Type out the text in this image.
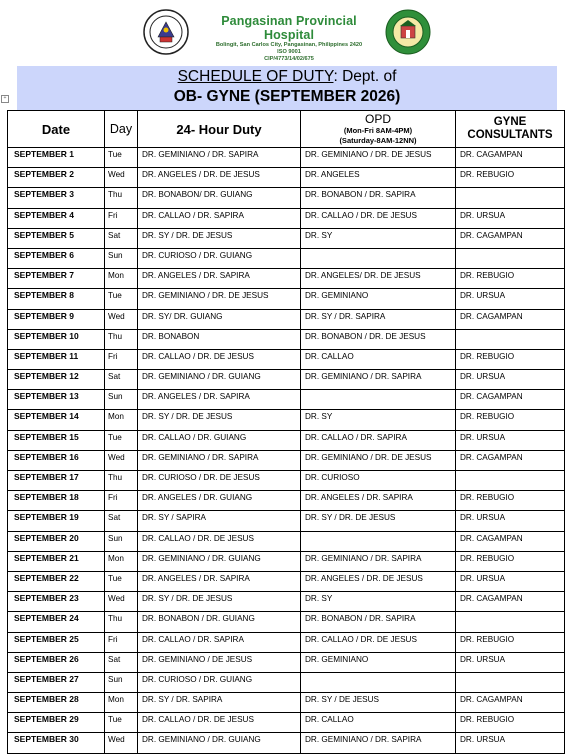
Pangasinan Provincial Hospital
Bolingit, San Carlos City, Pangasinan, Philippines 2420
ISO 9001
CIP/4773/14/02/675
SCHEDULE OF DUTY: Dept. of
OB- GYNE (SEPTEMBER 2026)
+
Date	Day	24- Hour Duty	OPD
(Mon-Fri 8AM-4PM)
(Saturday-8AM-12NN)	GYNE
CONSULTANTS
SEPTEMBER 1	Tue	DR. GEMINIANO / DR. SAPIRA	DR. GEMINIANO / DR. DE JESUS	DR. CAGAMPAN
SEPTEMBER 2	Wed	DR. ANGELES / DR. DE JESUS	DR. ANGELES	DR. REBUGIO
SEPTEMBER 3	Thu	DR. BONABON/ DR. GUIANG	DR. BONABON / DR. SAPIRA	
SEPTEMBER 4	Fri	DR. CALLAO / DR. SAPIRA	DR. CALLAO / DR. DE JESUS	DR. URSUA
SEPTEMBER 5	Sat	DR. SY / DR. DE JESUS	DR. SY	DR. CAGAMPAN
SEPTEMBER 6	Sun	DR. CURIOSO / DR. GUIANG		
SEPTEMBER 7	Mon	DR. ANGELES / DR. SAPIRA	DR. ANGELES/ DR. DE JESUS	DR. REBUGIO
SEPTEMBER 8	Tue	DR. GEMINIANO / DR. DE JESUS	DR. GEMINIANO	DR. URSUA
SEPTEMBER 9	Wed	DR. SY/ DR. GUIANG	DR. SY / DR. SAPIRA	DR. CAGAMPAN
SEPTEMBER 10	Thu	DR. BONABON	DR. BONABON / DR. DE JESUS	
SEPTEMBER 11	Fri	DR. CALLAO / DR. DE JESUS	DR. CALLAO	DR. REBUGIO
SEPTEMBER 12	Sat	DR. GEMINIANO / DR. GUIANG	DR. GEMINIANO / DR. SAPIRA	DR. URSUA
SEPTEMBER 13	Sun	DR. ANGELES / DR. SAPIRA		DR. CAGAMPAN
SEPTEMBER 14	Mon	DR. SY / DR. DE JESUS	DR. SY	DR. REBUGIO
SEPTEMBER 15	Tue	DR. CALLAO / DR. GUIANG	DR. CALLAO / DR. SAPIRA	DR. URSUA
SEPTEMBER 16	Wed	DR. GEMINIANO / DR. SAPIRA	DR. GEMINIANO / DR. DE JESUS	DR. CAGAMPAN
SEPTEMBER 17	Thu	DR. CURIOSO / DR. DE JESUS	DR. CURIOSO	
SEPTEMBER 18	Fri	DR. ANGELES / DR. GUIANG	DR. ANGELES / DR. SAPIRA	DR. REBUGIO
SEPTEMBER 19	Sat	DR. SY / SAPIRA	DR. SY / DR. DE JESUS	DR. URSUA
SEPTEMBER 20	Sun	DR. CALLAO / DR. DE JESUS		DR. CAGAMPAN
SEPTEMBER 21	Mon	DR. GEMINIANO / DR. GUIANG	DR. GEMINIANO / DR. SAPIRA	DR. REBUGIO
SEPTEMBER 22	Tue	DR. ANGELES / DR. SAPIRA	DR. ANGELES / DR. DE JESUS	DR. URSUA
SEPTEMBER 23	Wed	DR. SY / DR. DE JESUS	DR. SY	DR. CAGAMPAN
SEPTEMBER 24	Thu	DR. BONABON / DR. GUIANG	DR. BONABON / DR. SAPIRA	
SEPTEMBER 25	Fri	DR. CALLAO / DR. SAPIRA	DR. CALLAO / DR. DE JESUS	DR. REBUGIO
SEPTEMBER 26	Sat	DR. GEMINIANO / DE JESUS	DR. GEMINIANO	DR. URSUA
SEPTEMBER 27	Sun	DR. CURIOSO / DR. GUIANG		
SEPTEMBER 28	Mon	DR. SY / DR. SAPIRA	DR. SY / DE JESUS	DR. CAGAMPAN
SEPTEMBER 29	Tue	DR. CALLAO / DR. DE JESUS	DR. CALLAO	DR. REBUGIO
SEPTEMBER 30	Wed	DR. GEMINIANO / DR. GUIANG	DR. GEMINIANO / DR. SAPIRA	DR. URSUA
